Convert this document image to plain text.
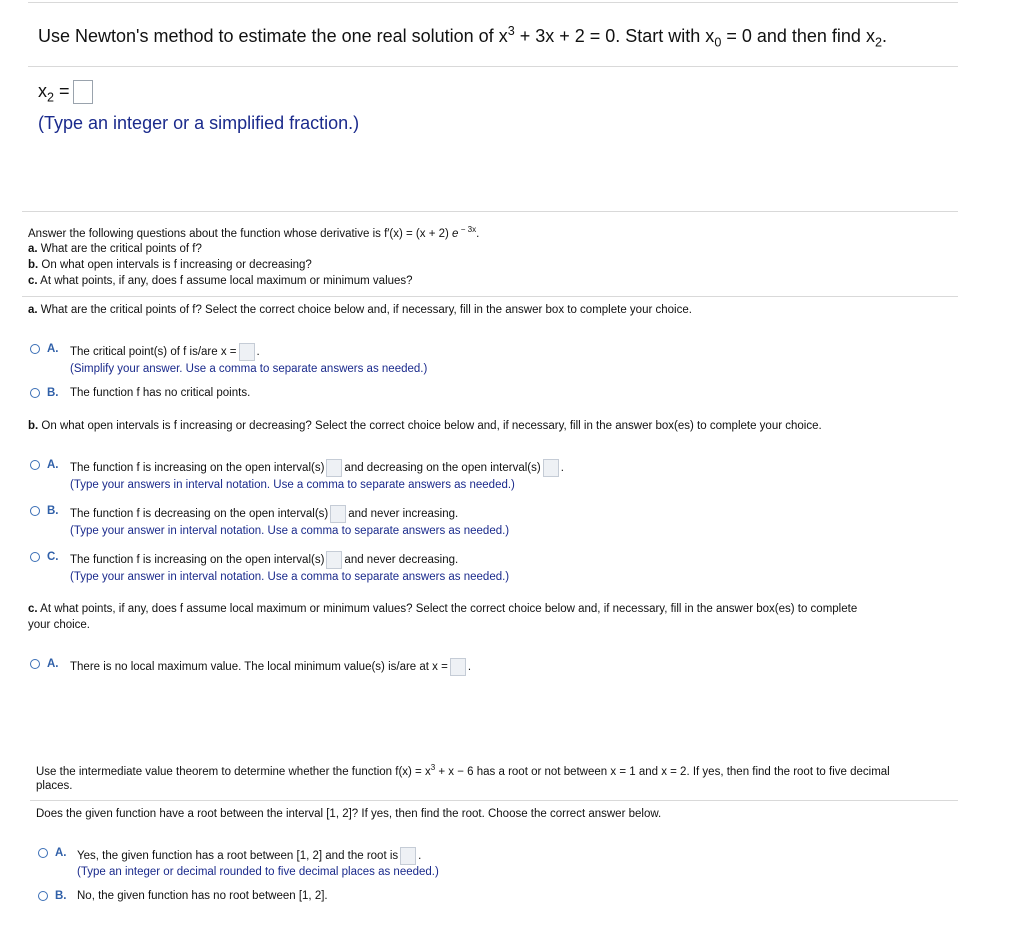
Use Newton's method to estimate the one real solution of $x^3 + 3x + 2 = 0$. Start with $x_0 = 0$ and then find $x_2$.
$x_2$ =
(Type an integer or a simplified fraction.)
Answer the following questions about the function whose derivative is f′(x) = (x + 2) e $^{- 3x}$.
a. What are the critical points of f?
b. On what open intervals is f increasing or decreasing?
c. At what points, if any, does f assume local maximum or minimum values?
a. What are the critical points of f? Select the correct choice below and, if necessary, fill in the answer box to complete your choice.
A. The critical point(s) of f is/are x = .
(Simplify your answer. Use a comma to separate answers as needed.)
B. The function f has no critical points.
b. On what open intervals is f increasing or decreasing? Select the correct choice below and, if necessary, fill in the answer box(es) to complete your choice.
A. The function f is increasing on the open interval(s) and decreasing on the open interval(s) .
(Type your answers in interval notation. Use a comma to separate answers as needed.)
B. The function f is decreasing on the open interval(s) and never increasing.
(Type your answer in interval notation. Use a comma to separate answers as needed.)
C. The function f is increasing on the open interval(s) and never decreasing.
(Type your answer in interval notation. Use a comma to separate answers as needed.)
c. At what points, if any, does f assume local maximum or minimum values? Select the correct choice below and, if necessary, fill in the answer box(es) to complete
your choice.
A. There is no local maximum value. The local minimum value(s) is/are at x = .
Use the intermediate value theorem to determine whether the function $f(x) = x^3 + x - 6$ has a root or not between x = 1 and x = 2. If yes, then find the root to five decimal
places.
Does the given function have a root between the interval [1, 2]? If yes, then find the root. Choose the correct answer below.
A. Yes, the given function has a root between [1, 2] and the root is .
(Type an integer or decimal rounded to five decimal places as needed.)
B. No, the given function has no root between [1, 2].
